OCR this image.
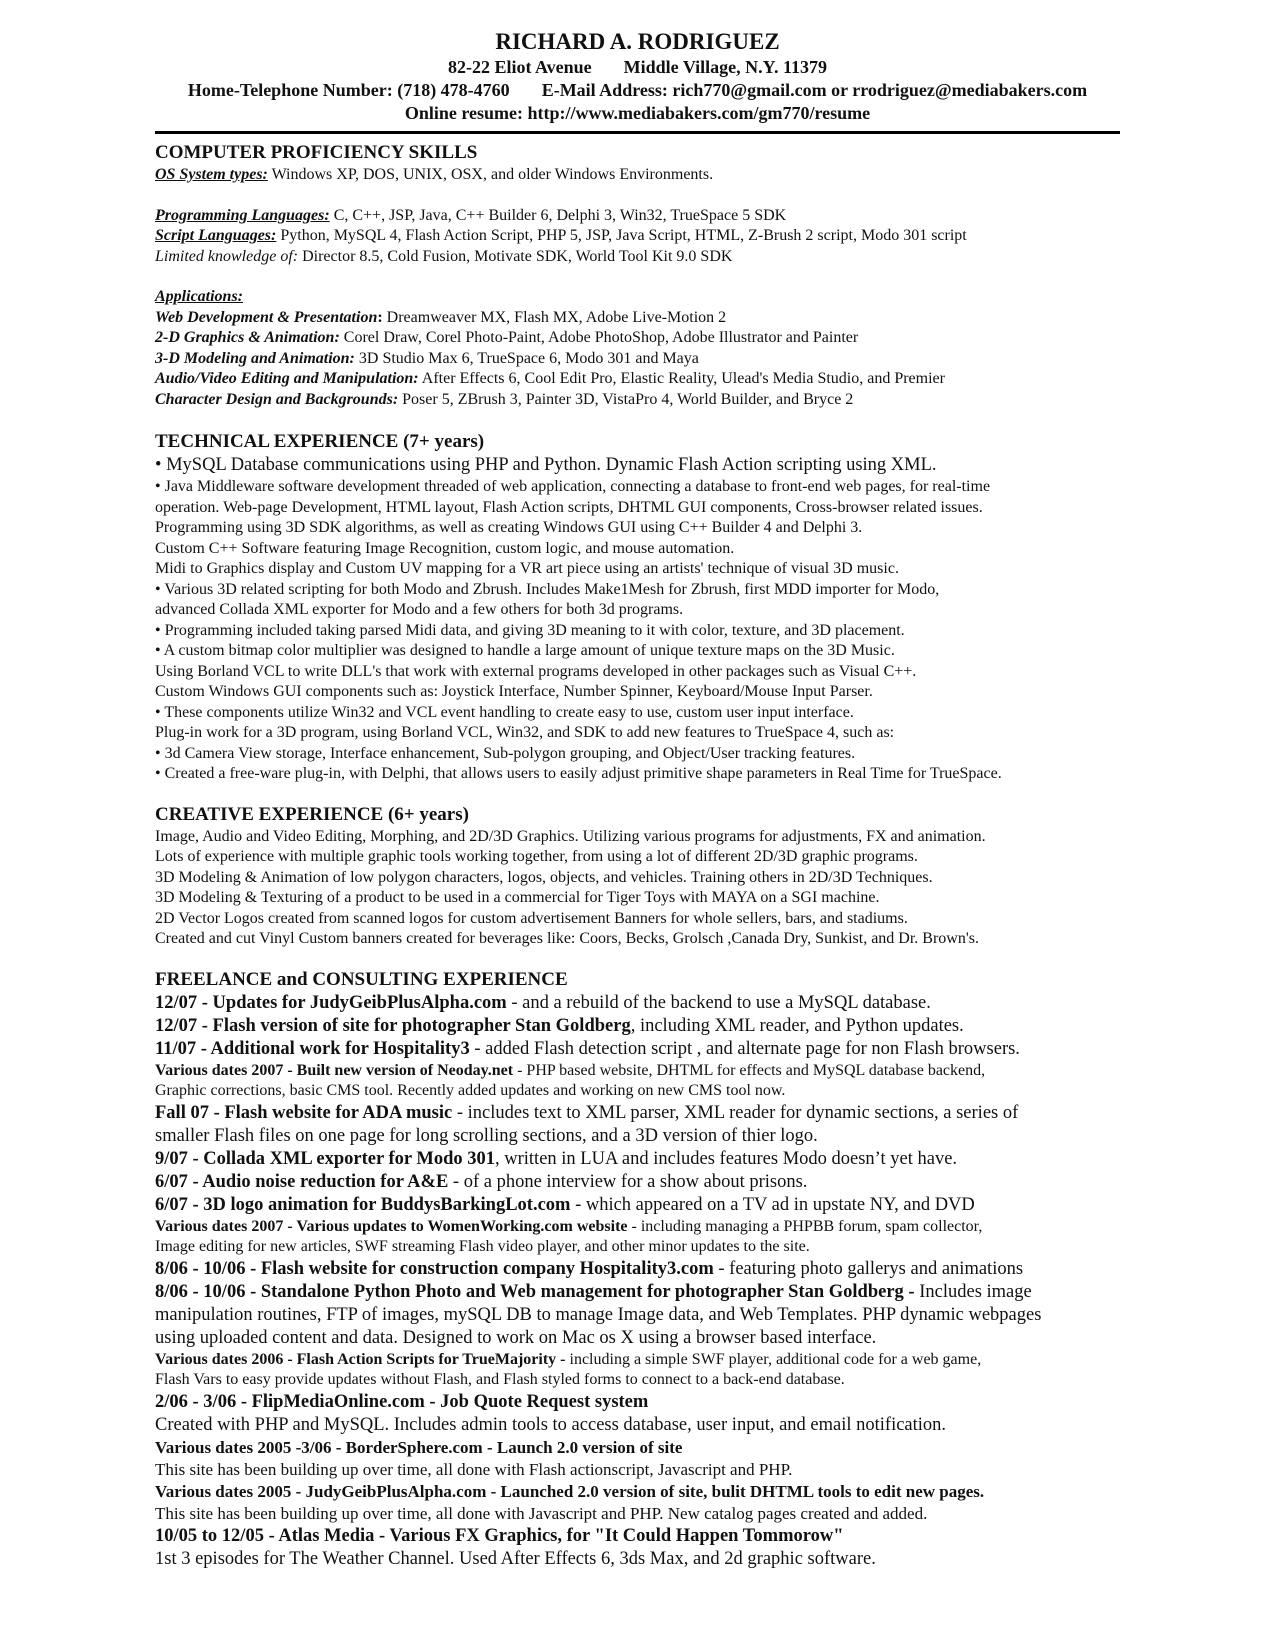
RICHARD A. RODRIGUEZ
82-22 Eliot Avenue Middle Village, N.Y. 11379
Home-Telephone Number: (718) 478-4760 E-Mail Address: rich770@gmail.com or rrodriguez@mediabakers.com
Online resume: http://www.mediabakers.com/gm770/resume
COMPUTER PROFICIENCY SKILLS
OS System types: Windows XP, DOS, UNIX, OSX, and older Windows Environments.
Programming Languages: C, C++, JSP, Java, C++ Builder 6, Delphi 3, Win32, TrueSpace 5 SDK
Script Languages: Python, MySQL 4, Flash Action Script, PHP 5, JSP, Java Script, HTML, Z-Brush 2 script, Modo 301 script
Limited knowledge of: Director 8.5, Cold Fusion, Motivate SDK, World Tool Kit 9.0 SDK
Applications:
Web Development & Presentation: Dreamweaver MX, Flash MX, Adobe Live-Motion 2
2-D Graphics & Animation: Corel Draw, Corel Photo-Paint, Adobe PhotoShop, Adobe Illustrator and Painter
3-D Modeling and Animation: 3D Studio Max 6, TrueSpace 6, Modo 301 and Maya
Audio/Video Editing and Manipulation: After Effects 6, Cool Edit Pro, Elastic Reality, Ulead's Media Studio, and Premier
Character Design and Backgrounds: Poser 5, ZBrush 3, Painter 3D, VistaPro 4, World Builder, and Bryce 2
TECHNICAL EXPERIENCE (7+ years)
• MySQL Database communications using PHP and Python. Dynamic Flash Action scripting using XML.
• Java Middleware software development threaded of web application, connecting a database to front-end web pages, for real-time
operation. Web-page Development, HTML layout, Flash Action scripts, DHTML GUI components, Cross-browser related issues.
Programming using 3D SDK algorithms, as well as creating Windows GUI using C++ Builder 4 and Delphi 3.
Custom C++ Software featuring Image Recognition, custom logic, and mouse automation.
Midi to Graphics display and Custom UV mapping for a VR art piece using an artists' technique of visual 3D music.
• Various 3D related scripting for both Modo and Zbrush. Includes Make1Mesh for Zbrush, first MDD importer for Modo,
advanced Collada XML exporter for Modo and a few others for both 3d programs.
• Programming included taking parsed Midi data, and giving 3D meaning to it with color, texture, and 3D placement.
• A custom bitmap color multiplier was designed to handle a large amount of unique texture maps on the 3D Music.
Using Borland VCL to write DLL's that work with external programs developed in other packages such as Visual C++.
Custom Windows GUI components such as: Joystick Interface, Number Spinner, Keyboard/Mouse Input Parser.
• These components utilize Win32 and VCL event handling to create easy to use, custom user input interface.
Plug-in work for a 3D program, using Borland VCL, Win32, and SDK to add new features to TrueSpace 4, such as:
• 3d Camera View storage, Interface enhancement, Sub-polygon grouping, and Object/User tracking features.
• Created a free-ware plug-in, with Delphi, that allows users to easily adjust primitive shape parameters in Real Time for TrueSpace.
CREATIVE EXPERIENCE (6+ years)
Image, Audio and Video Editing, Morphing, and 2D/3D Graphics. Utilizing various programs for adjustments, FX and animation.
Lots of experience with multiple graphic tools working together, from using a lot of different 2D/3D graphic programs.
3D Modeling & Animation of low polygon characters, logos, objects, and vehicles. Training others in 2D/3D Techniques.
3D Modeling & Texturing of a product to be used in a commercial for Tiger Toys with MAYA on a SGI machine.
2D Vector Logos created from scanned logos for custom advertisement Banners for whole sellers, bars, and stadiums.
Created and cut Vinyl Custom banners created for beverages like: Coors, Becks, Grolsch ,Canada Dry, Sunkist, and Dr. Brown's.
FREELANCE and CONSULTING EXPERIENCE
12/07 - Updates for JudyGeibPlusAlpha.com - and a rebuild of the backend to use a MySQL database.
12/07 - Flash version of site for photographer Stan Goldberg, including XML reader, and Python updates.
11/07 - Additional work for Hospitality3 - added Flash detection script , and alternate page for non Flash browsers.
Various dates 2007 - Built new version of Neoday.net - PHP based website, DHTML for effects and MySQL database backend,
Graphic corrections, basic CMS tool. Recently added updates and working on new CMS tool now.
Fall 07 - Flash website for ADA music - includes text to XML parser, XML reader for dynamic sections, a series of
smaller Flash files on one page for long scrolling sections, and a 3D version of thier logo.
9/07 - Collada XML exporter for Modo 301, written in LUA and includes features Modo doesn’t yet have.
6/07 - Audio noise reduction for A&E - of a phone interview for a show about prisons.
6/07 - 3D logo animation for BuddysBarkingLot.com - which appeared on a TV ad in upstate NY, and DVD
Various dates 2007 - Various updates to WomenWorking.com website - including managing a PHPBB forum, spam collector,
Image editing for new articles, SWF streaming Flash video player, and other minor updates to the site.
8/06 - 10/06 - Flash website for construction company Hospitality3.com - featuring photo gallerys and animations
8/06 - 10/06 - Standalone Python Photo and Web management for photographer Stan Goldberg - Includes image
manipulation routines, FTP of images, mySQL DB to manage Image data, and Web Templates. PHP dynamic webpages
using uploaded content and data. Designed to work on Mac os X using a browser based interface.
Various dates 2006 - Flash Action Scripts for TrueMajority - including a simple SWF player, additional code for a web game,
Flash Vars to easy provide updates without Flash, and Flash styled forms to connect to a back-end database.
2/06 - 3/06 - FlipMediaOnline.com - Job Quote Request system
Created with PHP and MySQL. Includes admin tools to access database, user input, and email notification.
Various dates 2005 -3/06 - BorderSphere.com - Launch 2.0 version of site
This site has been building up over time, all done with Flash actionscript, Javascript and PHP.
Various dates 2005 - JudyGeibPlusAlpha.com - Launched 2.0 version of site, bulit DHTML tools to edit new pages.
This site has been building up over time, all done with Javascript and PHP. New catalog pages created and added.
10/05 to 12/05 - Atlas Media - Various FX Graphics, for "It Could Happen Tommorow"
1st 3 episodes for The Weather Channel. Used After Effects 6, 3ds Max, and 2d graphic software.
